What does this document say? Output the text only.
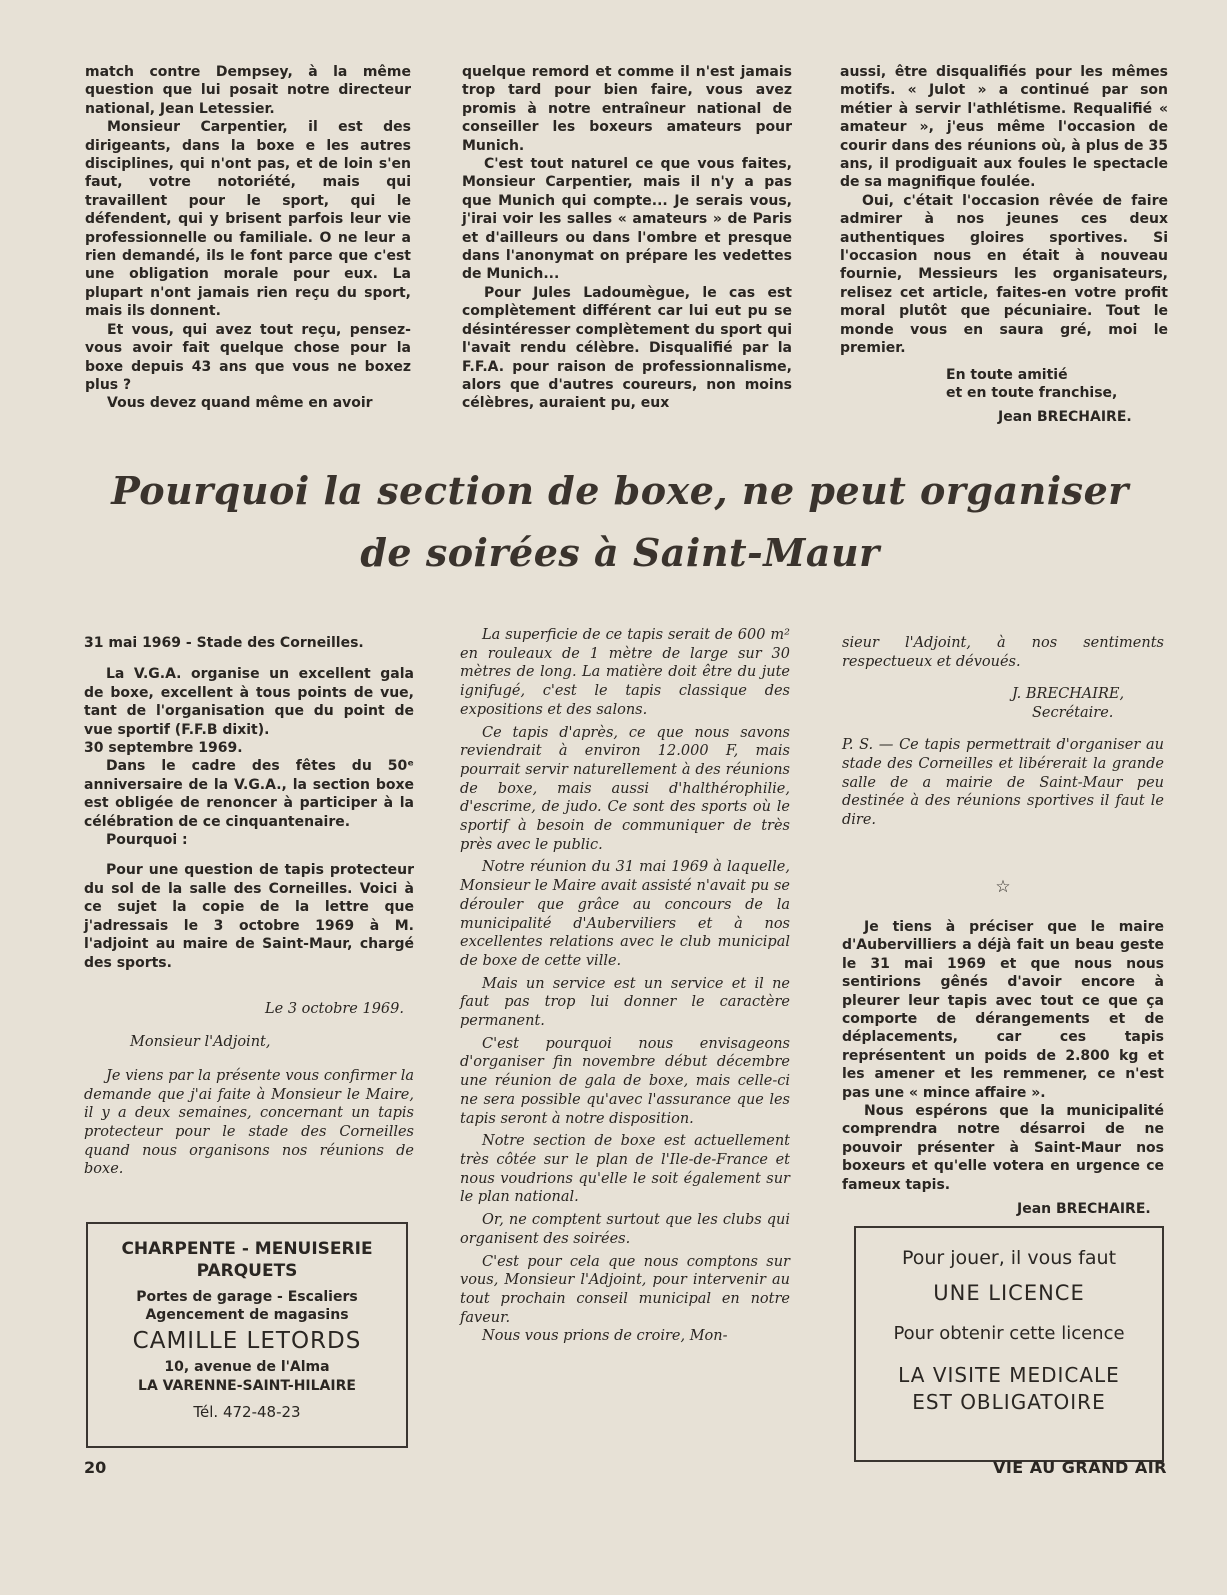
match contre Dempsey, à la même question que lui posait notre directeur national, Jean Letessier.

Monsieur Carpentier, il est des dirigeants, dans la boxe e les autres disciplines, qui n'ont pas, et de loin s'en faut, votre notoriété, mais qui travaillent pour le sport, qui le défendent, qui y brisent parfois leur vie professionnelle ou familiale. O ne leur a rien demandé, ils le font parce que c'est une obligation morale pour eux. La plupart n'ont jamais rien reçu du sport, mais ils donnent.

Et vous, qui avez tout reçu, pensez-vous avoir fait quelque chose pour la boxe depuis 43 ans que vous ne boxez plus ?

Vous devez quand même en avoir

quelque remord et comme il n'est jamais trop tard pour bien faire, vous avez promis à notre entraîneur national de conseiller les boxeurs amateurs pour Munich.

C'est tout naturel ce que vous faites, Monsieur Carpentier, mais il n'y a pas que Munich qui compte... Je serais vous, j'irai voir les salles « amateurs » de Paris et d'ailleurs ou dans l'ombre et presque dans l'anonymat on prépare les vedettes de Munich...

Pour Jules Ladoumègue, le cas est complètement différent car lui eut pu se désintéresser complètement du sport qui l'avait rendu célèbre. Disqualifié par la F.F.A. pour raison de professionnalisme, alors que d'autres coureurs, non moins célèbres, auraient pu, eux

aussi, être disqualifiés pour les mêmes motifs. « Julot » a continué par son métier à servir l'athlétisme. Requalifié « amateur », j'eus même l'occasion de courir dans des réunions où, à plus de 35 ans, il prodiguait aux foules le spectacle de sa magnifique foulée.

Oui, c'était l'occasion rêvée de faire admirer à nos jeunes ces deux authentiques gloires sportives. Si l'occasion nous en était à nouveau fournie, Messieurs les organisateurs, relisez cet article, faites-en votre profit moral plutôt que pécuniaire. Tout le monde vous en saura gré, moi le premier.

En toute amitié

et en toute franchise,

Jean BRECHAIRE.

Pourquoi la section de boxe, ne peut organiser
de soirées à Saint-Maur

31 mai 1969 - Stade des Corneilles.

La V.G.A. organise un excellent gala de boxe, excellent à tous points de vue, tant de l'organisation que du point de vue sportif (F.F.B dixit).

30 septembre 1969.

Dans le cadre des fêtes du 50ᵉ anniversaire de la V.G.A., la section boxe est obligée de renoncer à participer à la célébration de ce cinquantenaire.

Pourquoi :

Pour une question de tapis protecteur du sol de la salle des Corneilles. Voici à ce sujet la copie de la lettre que j'adressais le 3 octobre 1969 à M. l'adjoint au maire de Saint-Maur, chargé des sports.

Le 3 octobre 1969.

Monsieur l'Adjoint,

Je viens par la présente vous confirmer la demande que j'ai faite à Monsieur le Maire, il y a deux semaines, concernant un tapis protecteur pour le stade des Corneilles quand nous organisons nos réunions de boxe.

CHARPENTE - MENUISERIE
PARQUETS
Portes de garage - Escaliers
Agencement de magasins
CAMILLE LETORDS
10, avenue de l'Alma
LA VARENNE-SAINT-HILAIRE
Tél. 472-48-23

La superficie de ce tapis serait de 600 m² en rouleaux de 1 mètre de large sur 30 mètres de long. La matière doit être du jute ignifugé, c'est le tapis classique des expositions et des salons.

Ce tapis d'après, ce que nous savons reviendrait à environ 12.000 F, mais pourrait servir naturellement à des réunions de boxe, mais aussi d'halthérophilie, d'escrime, de judo. Ce sont des sports où le sportif à besoin de communiquer de très près avec le public.

Notre réunion du 31 mai 1969 à laquelle, Monsieur le Maire avait assisté n'avait pu se dérouler que grâce au concours de la municipalité d'Auberviliers et à nos excellentes relations avec le club municipal de boxe de cette ville.

Mais un service est un service et il ne faut pas trop lui donner le caractère permanent.

C'est pourquoi nous envisageons d'organiser fin novembre début décembre une réunion de gala de boxe, mais celle-ci ne sera possible qu'avec l'assurance que les tapis seront à notre disposition.

Notre section de boxe est actuellement très côtée sur le plan de l'Ile-de-France et nous voudrions qu'elle le soit également sur le plan national.

Or, ne comptent surtout que les clubs qui organisent des soirées.

C'est pour cela que nous comptons sur vous, Monsieur l'Adjoint, pour intervenir au tout prochain conseil municipal en notre faveur.

Nous vous prions de croire, Mon-

sieur l'Adjoint, à nos sentiments respectueux et dévoués.

J. BRECHAIRE,

Secrétaire.

P. S. — Ce tapis permettrait d'organiser au stade des Corneilles et libérerait la grande salle de a mairie de Saint-Maur peu destinée à des réunions sportives il faut le dire.

☆

Je tiens à préciser que le maire d'Aubervilliers a déjà fait un beau geste le 31 mai 1969 et que nous nous sentirions gênés d'avoir encore à pleurer leur tapis avec tout ce que ça comporte de dérangements et de déplacements, car ces tapis représentent un poids de 2.800 kg et les amener et les remmener, ce n'est pas une « mince affaire ».

Nous espérons que la municipalité comprendra notre désarroi de ne pouvoir présenter à Saint-Maur nos boxeurs et qu'elle votera en urgence ce fameux tapis.

Jean BRECHAIRE.

Pour jouer, il vous faut
UNE LICENCE
Pour obtenir cette licence
LA VISITE MEDICALE
EST OBLIGATOIRE
20	VIE AU GRAND AIR
